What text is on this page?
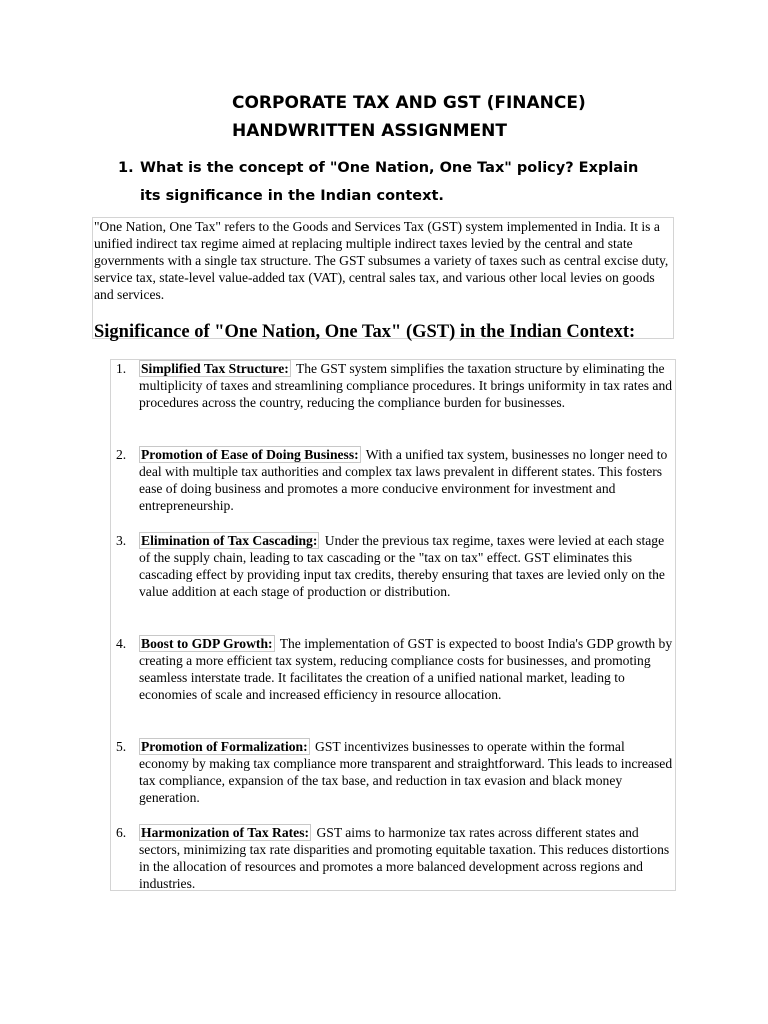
CORPORATE TAX AND GST (FINANCE)
HANDWRITTEN ASSIGNMENT
1. What is the concept of "One Nation, One Tax" policy? Explain its significance in the Indian context.

"One Nation, One Tax" refers to the Goods and Services Tax (GST) system implemented in India. It is a unified indirect tax regime aimed at replacing multiple indirect taxes levied by the central and state governments with a single tax structure. The GST subsumes a variety of taxes such as central excise duty, service tax, state-level value-added tax (VAT), central sales tax, and various other local levies on goods and services.

Significance of "One Nation, One Tax" (GST) in the Indian Context:
1. Simplified Tax Structure: The GST system simplifies the taxation structure by eliminating the multiplicity of taxes and streamlining compliance procedures. It brings uniformity in tax rates and procedures across the country, reducing the compliance burden for businesses.
2. Promotion of Ease of Doing Business: With a unified tax system, businesses no longer need to deal with multiple tax authorities and complex tax laws prevalent in different states. This fosters ease of doing business and promotes a more conducive environment for investment and entrepreneurship.
3. Elimination of Tax Cascading: Under the previous tax regime, taxes were levied at each stage of the supply chain, leading to tax cascading or the "tax on tax" effect. GST eliminates this cascading effect by providing input tax credits, thereby ensuring that taxes are levied only on the value addition at each stage of production or distribution.
4. Boost to GDP Growth: The implementation of GST is expected to boost India's GDP growth by creating a more efficient tax system, reducing compliance costs for businesses, and promoting seamless interstate trade. It facilitates the creation of a unified national market, leading to economies of scale and increased efficiency in resource allocation.
5. Promotion of Formalization: GST incentivizes businesses to operate within the formal economy by making tax compliance more transparent and straightforward. This leads to increased tax compliance, expansion of the tax base, and reduction in tax evasion and black money generation.
6. Harmonization of Tax Rates: GST aims to harmonize tax rates across different states and sectors, minimizing tax rate disparities and promoting equitable taxation. This reduces distortions in the allocation of resources and promotes a more balanced development across regions and industries.
